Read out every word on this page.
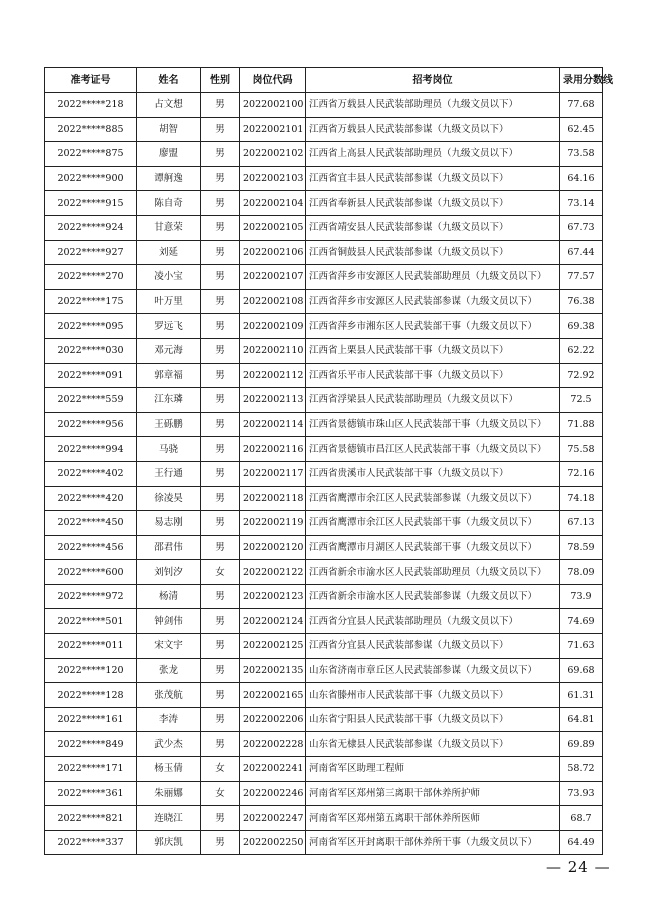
准考证号	姓名	性别	岗位代码	招考岗位	录用分数线
2022*****218	占文想	男	2022002100	江西省万载县人民武装部助理员（九级文员以下）	77.68
2022*****885	胡智	男	2022002101	江西省万载县人民武装部参谋（九级文员以下）	62.45
2022*****875	廖盟	男	2022002102	江西省上高县人民武装部助理员（九级文员以下）	73.58
2022*****900	谭舸逸	男	2022002103	江西省宜丰县人民武装部参谋（九级文员以下）	64.16
2022*****915	陈自奇	男	2022002104	江西省奉新县人民武装部参谋（九级文员以下）	73.14
2022*****924	甘意荣	男	2022002105	江西省靖安县人民武装部参谋（九级文员以下）	67.73
2022*****927	刘延	男	2022002106	江西省铜鼓县人民武装部参谋（九级文员以下）	67.44
2022*****270	凌小宝	男	2022002107	江西省萍乡市安源区人民武装部助理员（九级文员以下）	77.57
2022*****175	叶万里	男	2022002108	江西省萍乡市安源区人民武装部参谋（九级文员以下）	76.38
2022*****095	罗远飞	男	2022002109	江西省萍乡市湘东区人民武装部干事（九级文员以下）	69.38
2022*****030	邓元海	男	2022002110	江西省上栗县人民武装部干事（九级文员以下）	62.22
2022*****091	郭章福	男	2022002112	江西省乐平市人民武装部干事（九级文员以下）	72.92
2022*****559	江东璘	男	2022002113	江西省浮梁县人民武装部助理员（九级文员以下）	72.5
2022*****956	王砾鹏	男	2022002114	江西省景德镇市珠山区人民武装部干事（九级文员以下）	71.88
2022*****994	马骁	男	2022002116	江西省景德镇市昌江区人民武装部干事（九级文员以下）	75.58
2022*****402	王行通	男	2022002117	江西省贵溪市人民武装部干事（九级文员以下）	72.16
2022*****420	徐凌昊	男	2022002118	江西省鹰潭市余江区人民武装部参谋（九级文员以下）	74.18
2022*****450	易志刚	男	2022002119	江西省鹰潭市余江区人民武装部干事（九级文员以下）	67.13
2022*****456	邵君伟	男	2022002120	江西省鹰潭市月湖区人民武装部干事（九级文员以下）	78.59
2022*****600	刘钊汐	女	2022002122	江西省新余市渝水区人民武装部助理员（九级文员以下）	78.09
2022*****972	杨清	男	2022002123	江西省新余市渝水区人民武装部参谋（九级文员以下）	73.9
2022*****501	钟剑伟	男	2022002124	江西省分宜县人民武装部助理员（九级文员以下）	74.69
2022*****011	宋文宇	男	2022002125	江西省分宜县人民武装部参谋（九级文员以下）	71.63
2022*****120	张龙	男	2022002135	山东省济南市章丘区人民武装部参谋（九级文员以下）	69.68
2022*****128	张茂航	男	2022002165	山东省滕州市人民武装部干事（九级文员以下）	61.31
2022*****161	李涛	男	2022002206	山东省宁阳县人民武装部干事（九级文员以下）	64.81
2022*****849	武少杰	男	2022002228	山东省无棣县人民武装部参谋（九级文员以下）	69.89
2022*****171	杨玉倩	女	2022002241	河南省军区助理工程师	58.72
2022*****361	朱丽娜	女	2022002246	河南省军区郑州第三离职干部休养所护师	73.93
2022*****821	连晓江	男	2022002247	河南省军区郑州第五离职干部休养所医师	68.7
2022*****337	郭庆凯	男	2022002250	河南省军区开封离职干部休养所干事（九级文员以下）	64.49
— 24 —
